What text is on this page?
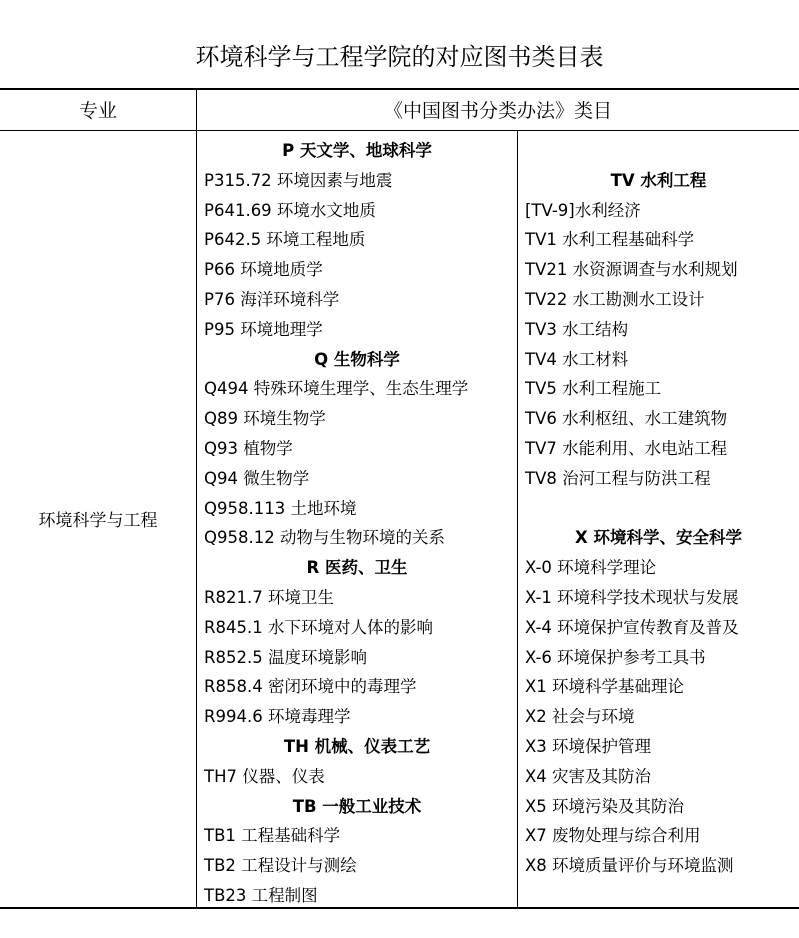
环境科学与工程学院的对应图书类目表
专业	《中国图书分类办法》类目
环境科学与工程
P 天文学、地球科学
P315.72 环境因素与地震
P641.69 环境水文地质
P642.5 环境工程地质
P66 环境地质学
P76 海洋环境科学
P95 环境地理学
Q 生物科学
Q494 特殊环境生理学、生态生理学
Q89 环境生物学
Q93 植物学
Q94 微生物学
Q958.113 土地环境
Q958.12 动物与生物环境的关系
R 医药、卫生
R821.7 环境卫生
R845.1 水下环境对人体的影响
R852.5 温度环境影响
R858.4 密闭环境中的毒理学
R994.6 环境毒理学
TH 机械、仪表工艺
TH7 仪器、仪表
TB 一般工业技术
TB1 工程基础科学
TB2 工程设计与测绘
TB23 工程制图
TV 水利工程
[TV-9]水利经济
TV1 水利工程基础科学
TV21 水资源调查与水利规划
TV22 水工勘测水工设计
TV3 水工结构
TV4 水工材料
TV5 水利工程施工
TV6 水利枢纽、水工建筑物
TV7 水能利用、水电站工程
TV8 治河工程与防洪工程
X 环境科学、安全科学
X-0 环境科学理论
X-1 环境科学技术现状与发展
X-4 环境保护宣传教育及普及
X-6 环境保护参考工具书
X1 环境科学基础理论
X2 社会与环境
X3 环境保护管理
X4 灾害及其防治
X5 环境污染及其防治
X7 废物处理与综合利用
X8 环境质量评价与环境监测
